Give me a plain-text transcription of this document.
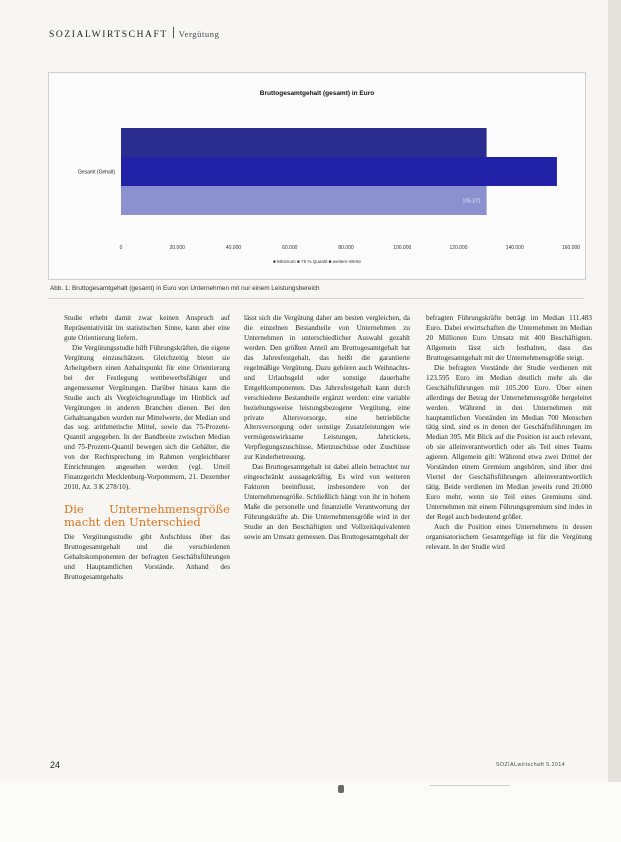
SOZIALWIRTSCHAFT Vergütung
Bruttogesamtgehalt (gesamt) in Euro
105.371
Gesamt (Gehalt)
0	20.000	40.000	60.000	80.000	100.000	120.000	140.000	160.000
■ Minimum ■ 75 % Quantil ■ weitere Werte
Abb. 1: Bruttogesamtgehalt (gesamt) in Euro von Unternehmen mit nur einem Leistungsbereich

Studie erhebt damit zwar keinen Anspruch auf Repräsentativität im statistischen Sinne, kann aber eine gute Orientierung liefern.

Die Vergütungsstudie hilft Führungskräften, die eigene Vergütung einzuschätzen. Gleichzeitig bietet sie Arbeitgebern einen Anhaltspunkt für eine Orientierung bei der Festlegung wettbewerbsfähiger und angemessener Vergütungen. Darüber hinaus kann die Studie auch als Vergleichsgrundlage im Hinblick auf Vergütungen in anderen Branchen dienen. Bei den Gehaltsangaben wurden nur Mittelwerte, der Median und das sog. arithmetische Mittel, sowie das 75-Prozent-Quantil angegeben. In der Bandbreite zwischen Median und 75-Prozent-Quantil bewegen sich die Gehälter, die von der Rechtsprechung im Rahmen vergleichbarer Einrichtungen angesehen werden (vgl. Urteil Finanzgericht Mecklenburg-Vorpommern, 21. Dezember 2010, Az. 3 K 278/10).

Die Unternehmensgröße macht den Unterschied

Die Vergütungsstudie gibt Aufschluss über das Bruttogesamtgehalt und die verschiedenen Gehaltskomponenten der befragten Geschäftsführungen und Hauptamtlichen Vorstände. Anhand des Bruttogesamtgehalts

lässt sich die Vergütung daher am besten vergleichen, da die einzelnen Bestandteile von Unternehmen zu Unternehmen in unterschiedlicher Auswahl gezahlt werden. Den größten Anteil am Bruttogesamtgehalt hat das Jahresfestgehalt, das heißt die garantierte regelmäßige Vergütung. Dazu gehören auch Weihnachts- und Urlaubsgeld oder sonstige dauerhafte Entgeltkomponenten. Das Jahresfestgehalt kann durch verschiedene Bestandteile ergänzt werden: eine variable beziehungsweise leistungsbezogene Vergütung, eine private Altersvorsorge, eine betriebliche Altersversorgung oder sonstige Zusatzleistungen wie vermögenswirksame Leistungen, Jahrtickets, Verpflegungszuschüsse, Mietzuschüsse oder Zuschüsse zur Kinderbetreuung.

Das Bruttogesamtgehalt ist dabei allein betrachtet nur eingeschränkt aussagekräftig. Es wird von weiteren Faktoren beeinflusst, insbesondere von der Unternehmensgröße. Schließlich hängt von ihr in hohem Maße die personelle und finanzielle Verantwortung der Führungskräfte ab. Die Unternehmensgröße wird in der Studie an den Beschäftigten und Vollzeitäquivalenten sowie am Umsatz gemessen. Das Bruttogesamtgehalt der

befragten Führungskräfte beträgt im Median 111.483 Euro. Dabei erwirtschaften die Unternehmen im Median 20 Millionen Euro Umsatz mit 400 Beschäftigten. Allgemein lässt sich festhalten, dass das Bruttogesamtgehalt mit der Unternehmensgröße steigt.

Die befragten Vorstände der Studie verdienen mit 123.595 Euro im Median deutlich mehr als die Geschäftsführungen mit 105.200 Euro. Über einen allerdings der Betrag der Unternehmensgröße hergeleitet werden. Während in den Unternehmen mit hauptamtlichen Vorständen im Median 700 Menschen tätig sind, sind es in denen der Geschäftsführungen im Median 395. Mit Blick auf die Position ist auch relevant, ob sie alleinverantwortlich oder als Teil eines Teams agieren. Allgemein gilt: Während etwa zwei Drittel der Vorständen einem Gremium angehören, sind über drei Viertel der Geschäftsführungen alleinverantwortlich tätig. Beide verdienen im Median jeweils rund 20.000 Euro mehr, wenn sie Teil eines Gremiums sind. Unternehmen mit einem Führungsgremium sind indes in der Regel auch bedeutend größer.

Auch die Position eines Unternehmens in dessen organisatorischem Gesamtgefüge ist für die Vergütung relevant. In der Studie wird

24	SOZIALwirtschaft 5.2014
